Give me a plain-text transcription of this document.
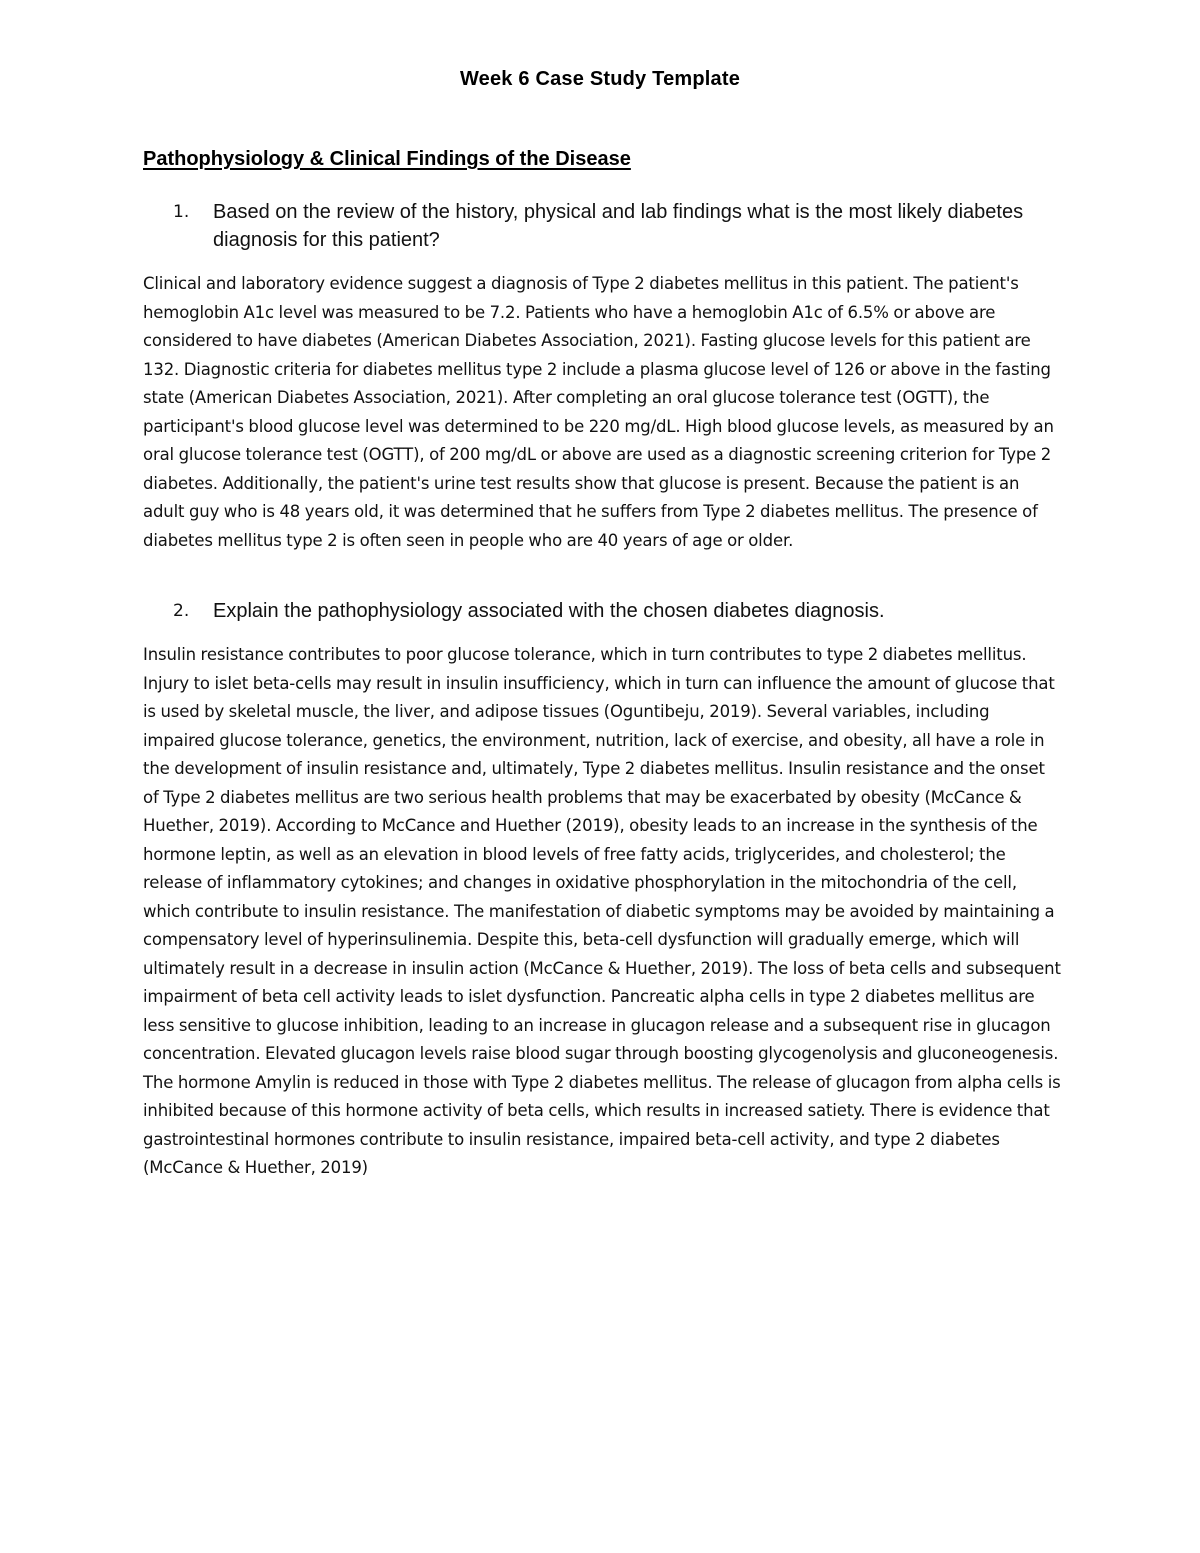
Week 6 Case Study Template
Pathophysiology & Clinical Findings of the Disease
1. Based on the review of the history, physical and lab findings what is the most likely diabetes diagnosis for this patient?

Clinical and laboratory evidence suggest a diagnosis of Type 2 diabetes mellitus in this patient. The patient's hemoglobin A1c level was measured to be 7.2. Patients who have a hemoglobin A1c of 6.5% or above are considered to have diabetes (American Diabetes Association, 2021). Fasting glucose levels for this patient are 132. Diagnostic criteria for diabetes mellitus type 2 include a plasma glucose level of 126 or above in the fasting state (American Diabetes Association, 2021). After completing an oral glucose tolerance test (OGTT), the participant's blood glucose level was determined to be 220 mg/dL. High blood glucose levels, as measured by an oral glucose tolerance test (OGTT), of 200 mg/dL or above are used as a diagnostic screening criterion for Type 2 diabetes. Additionally, the patient's urine test results show that glucose is present. Because the patient is an adult guy who is 48 years old, it was determined that he suffers from Type 2 diabetes mellitus. The presence of diabetes mellitus type 2 is often seen in people who are 40 years of age or older.

2. Explain the pathophysiology associated with the chosen diabetes diagnosis.

Insulin resistance contributes to poor glucose tolerance, which in turn contributes to type 2 diabetes mellitus. Injury to islet beta-cells may result in insulin insufficiency, which in turn can influence the amount of glucose that is used by skeletal muscle, the liver, and adipose tissues (Oguntibeju, 2019). Several variables, including impaired glucose tolerance, genetics, the environment, nutrition, lack of exercise, and obesity, all have a role in the development of insulin resistance and, ultimately, Type 2 diabetes mellitus. Insulin resistance and the onset of Type 2 diabetes mellitus are two serious health problems that may be exacerbated by obesity (McCance & Huether, 2019). According to McCance and Huether (2019), obesity leads to an increase in the synthesis of the hormone leptin, as well as an elevation in blood levels of free fatty acids, triglycerides, and cholesterol; the release of inflammatory cytokines; and changes in oxidative phosphorylation in the mitochondria of the cell, which contribute to insulin resistance. The manifestation of diabetic symptoms may be avoided by maintaining a compensatory level of hyperinsulinemia. Despite this, beta-cell dysfunction will gradually emerge, which will ultimately result in a decrease in insulin action (McCance & Huether, 2019). The loss of beta cells and subsequent impairment of beta cell activity leads to islet dysfunction. Pancreatic alpha cells in type 2 diabetes mellitus are less sensitive to glucose inhibition, leading to an increase in glucagon release and a subsequent rise in glucagon concentration. Elevated glucagon levels raise blood sugar through boosting glycogenolysis and gluconeogenesis. The hormone Amylin is reduced in those with Type 2 diabetes mellitus. The release of glucagon from alpha cells is inhibited because of this hormone activity of beta cells, which results in increased satiety. There is evidence that gastrointestinal hormones contribute to insulin resistance, impaired beta-cell activity, and type 2 diabetes (McCance & Huether, 2019)
